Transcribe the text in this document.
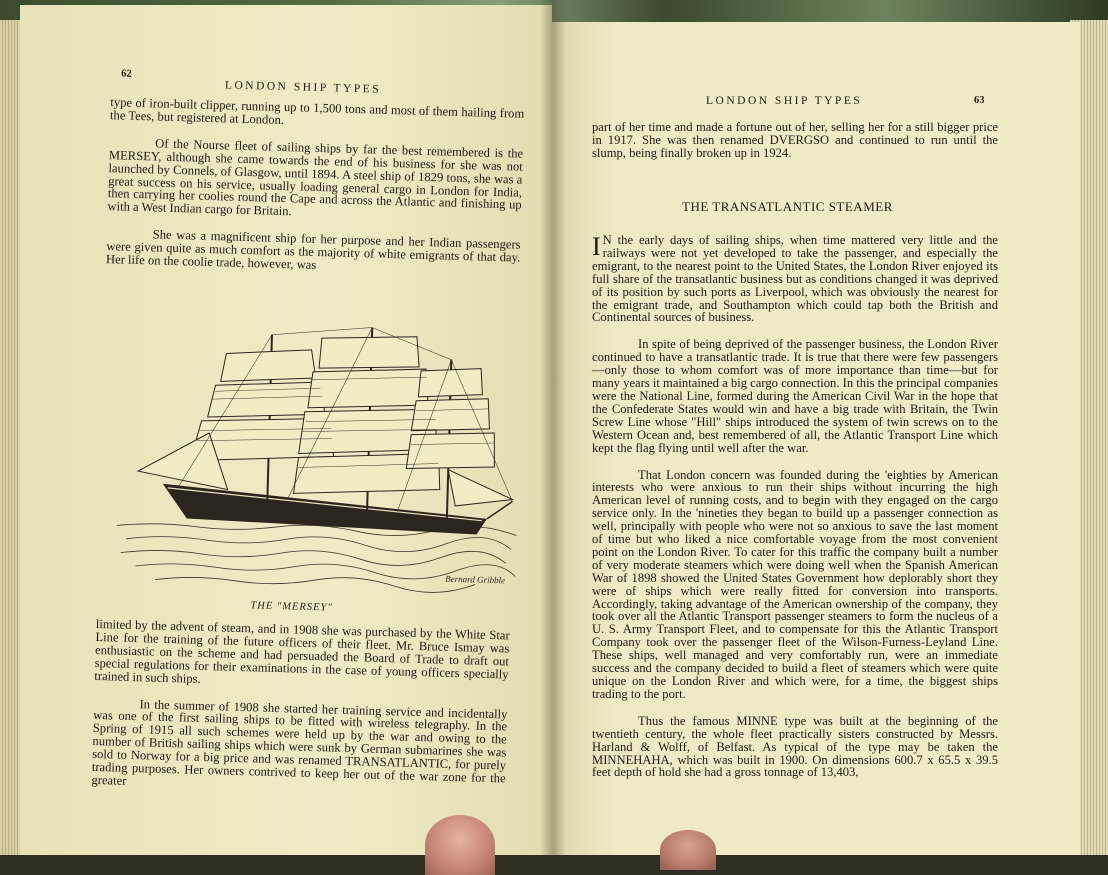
62
LONDON SHIP TYPES

type of iron-built clipper, running up to 1,500 tons and most of them hailing from the Tees, but registered at London.

Of the Nourse fleet of sailing ships by far the best remembered is the MERSEY, although she came towards the end of his business for she was not launched by Connels, of Glasgow, until 1894. A steel ship of 1829 tons, she was a great success on his service, usually loading general cargo in London for India, then carrying her coolies round the Cape and across the Atlantic and finishing up with a West Indian cargo for Britain.

She was a magnificent ship for her purpose and her Indian passengers were given quite as much comfort as the majority of white emigrants of that day. Her life on the coolie trade, however, was

Bernard Gribble
THE "MERSEY"

limited by the advent of steam, and in 1908 she was purchased by the White Star Line for the training of the future officers of their fleet. Mr. Bruce Ismay was enthusiastic on the scheme and had persuaded the Board of Trade to draft out special regulations for their examinations in the case of young officers specially trained in such ships.

In the summer of 1908 she started her training service and incidentally was one of the first sailing ships to be fitted with wireless telegraphy. In the Spring of 1915 all such schemes were held up by the war and owing to the number of British sailing ships which were sunk by German submarines she was sold to Norway for a big price and was renamed TRANSATLANTIC, for purely trading purposes. Her owners contrived to keep her out of the war zone for the greater

LONDON SHIP TYPES	63

part of her time and made a fortune out of her, selling her for a still bigger price in 1917. She was then renamed DVERGSO and continued to run until the slump, being finally broken up in 1924.

THE TRANSATLANTIC STEAMER

I N the early days of sailing ships, when time mattered very little and the railways were not yet developed to take the passenger, and especially the emigrant, to the nearest point to the United States, the London River enjoyed its full share of the transatlantic business but as conditions changed it was deprived of its position by such ports as Liverpool, which was obviously the nearest for the emigrant trade, and Southampton which could tap both the British and Continental sources of business.

In spite of being deprived of the passenger business, the London River continued to have a transatlantic trade. It is true that there were few passengers—only those to whom comfort was of more importance than time—but for many years it maintained a big cargo connection. In this the principal companies were the National Line, formed during the American Civil War in the hope that the Confederate States would win and have a big trade with Britain, the Twin Screw Line whose "Hill" ships introduced the system of twin screws on to the Western Ocean and, best remembered of all, the Atlantic Transport Line which kept the flag flying until well after the war.

That London concern was founded during the 'eighties by American interests who were anxious to run their ships without incurring the high American level of running costs, and to begin with they engaged on the cargo service only. In the 'nineties they began to build up a passenger connection as well, principally with people who were not so anxious to save the last moment of time but who liked a nice comfortable voyage from the most convenient point on the London River. To cater for this traffic the company built a number of very moderate steamers which were doing well when the Spanish American War of 1898 showed the United States Government how deplorably short they were of ships which were really fitted for conversion into transports. Accordingly, taking advantage of the American ownership of the company, they took over all the Atlantic Transport passenger steamers to form the nucleus of a U. S. Army Transport Fleet, and to compensate for this the Atlantic Transport Company took over the passenger fleet of the Wilson-Furness-Leyland Line. These ships, well managed and very comfortably run, were an immediate success and the company decided to build a fleet of steamers which were quite unique on the London River and which were, for a time, the biggest ships trading to the port.

Thus the famous MINNE type was built at the beginning of the twentieth century, the whole fleet practically sisters constructed by Messrs. Harland & Wolff, of Belfast. As typical of the type may be taken the MINNEHAHA, which was built in 1900. On dimensions 600.7 x 65.5 x 39.5 feet depth of hold she had a gross tonnage of 13,403,
